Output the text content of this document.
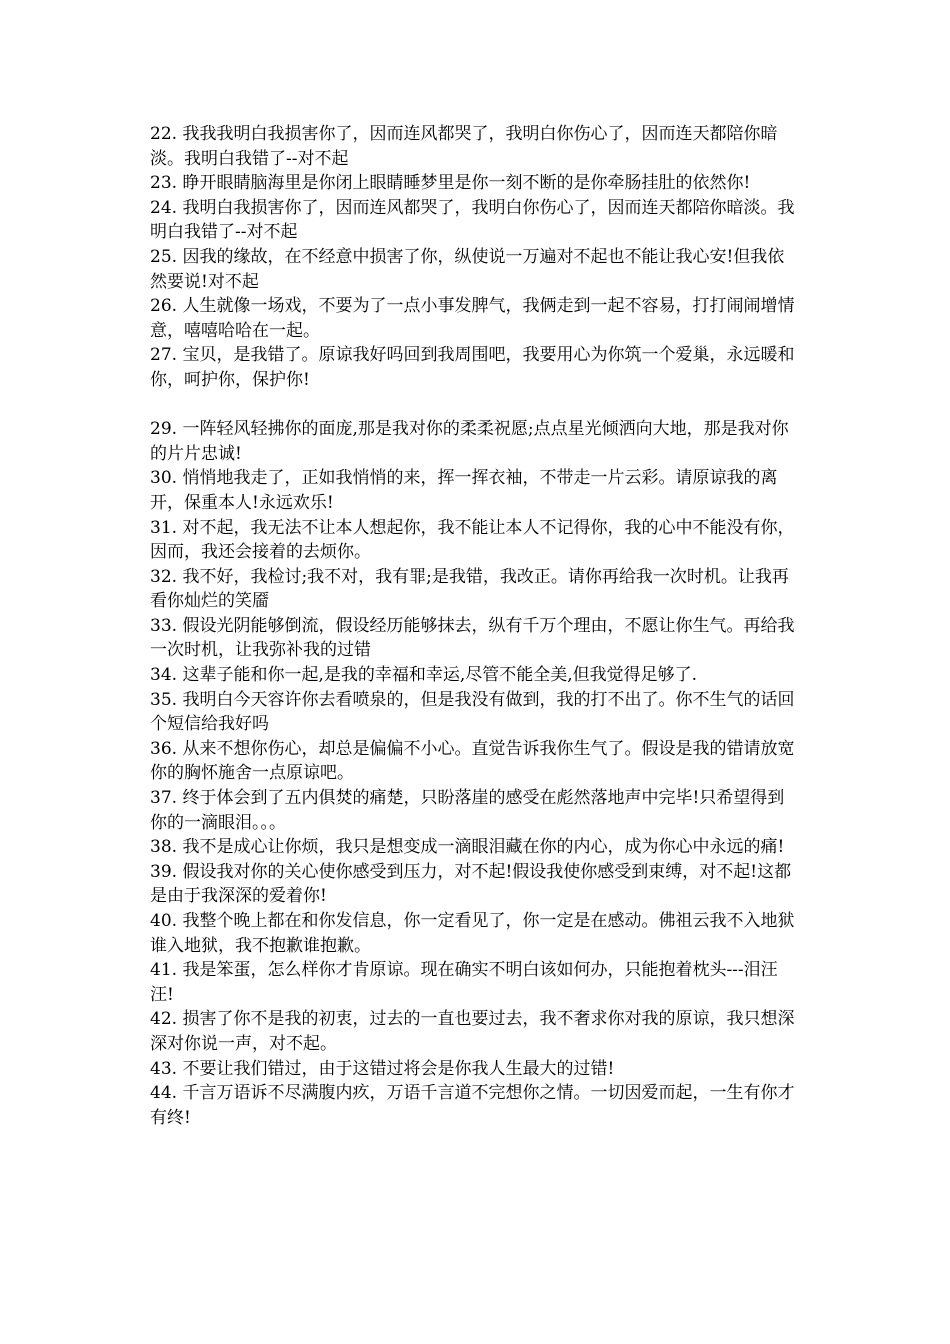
22. 我我我明白我损害你了，因而连风都哭了，我明白你伤心了，因而连天都陪你暗淡。我明白我错了--对不起

23. 睁开眼睛脑海里是你闭上眼睛睡梦里是你一刻不断的是你牵肠挂肚的依然你!

24. 我明白我损害你了，因而连风都哭了，我明白你伤心了，因而连天都陪你暗淡。我明白我错了--对不起

25. 因我的缘故，在不经意中损害了你，纵使说一万遍对不起也不能让我心安!但我依然要说!对不起

26. 人生就像一场戏，不要为了一点小事发脾气，我俩走到一起不容易，打打闹闹增情意，嘻嘻哈哈在一起。

27. 宝贝，是我错了。原谅我好吗回到我周围吧，我要用心为你筑一个爱巢，永远暖和你，呵护你，保护你!

29. 一阵轻风轻拂你的面庞,那是我对你的柔柔祝愿;点点星光倾洒向大地，那是我对你的片片忠诚!

30. 悄悄地我走了，正如我悄悄的来，挥一挥衣袖，不带走一片云彩。请原谅我的离开，保重本人!永远欢乐!

31. 对不起，我无法不让本人想起你，我不能让本人不记得你，我的心中不能没有你，因而，我还会接着的去烦你。

32. 我不好，我检讨;我不对，我有罪;是我错，我改正。请你再给我一次时机。让我再看你灿烂的笑靥

33. 假设光阴能够倒流，假设经历能够抹去，纵有千万个理由，不愿让你生气。再给我一次时机，让我弥补我的过错

34. 这辈子能和你一起,是我的幸福和幸运,尽管不能全美,但我觉得足够了.

35. 我明白今天容许你去看喷泉的，但是我没有做到，我的打不出了。你不生气的话回个短信给我好吗

36. 从来不想你伤心，却总是偏偏不小心。直觉告诉我你生气了。假设是我的错请放宽你的胸怀施舍一点原谅吧。

37. 终于体会到了五内俱焚的痛楚，只盼落崖的感受在彪然落地声中完毕!只希望得到你的一滴眼泪。。。

38. 我不是成心让你烦，我只是想变成一滴眼泪藏在你的内心，成为你心中永远的痛!

39. 假设我对你的关心使你感受到压力，对不起!假设我使你感受到束缚，对不起!这都是由于我深深的爱着你!

40. 我整个晚上都在和你发信息，你一定看见了，你一定是在感动。佛祖云我不入地狱谁入地狱，我不抱歉谁抱歉。

41. 我是笨蛋，怎么样你才肯原谅。现在确实不明白该如何办，只能抱着枕头---泪汪汪!

42. 损害了你不是我的初衷，过去的一直也要过去，我不奢求你对我的原谅，我只想深深对你说一声，对不起。

43. 不要让我们错过，由于这错过将会是你我人生最大的过错!

44. 千言万语诉不尽满腹内疚，万语千言道不完想你之情。一切因爱而起，一生有你才有终!
